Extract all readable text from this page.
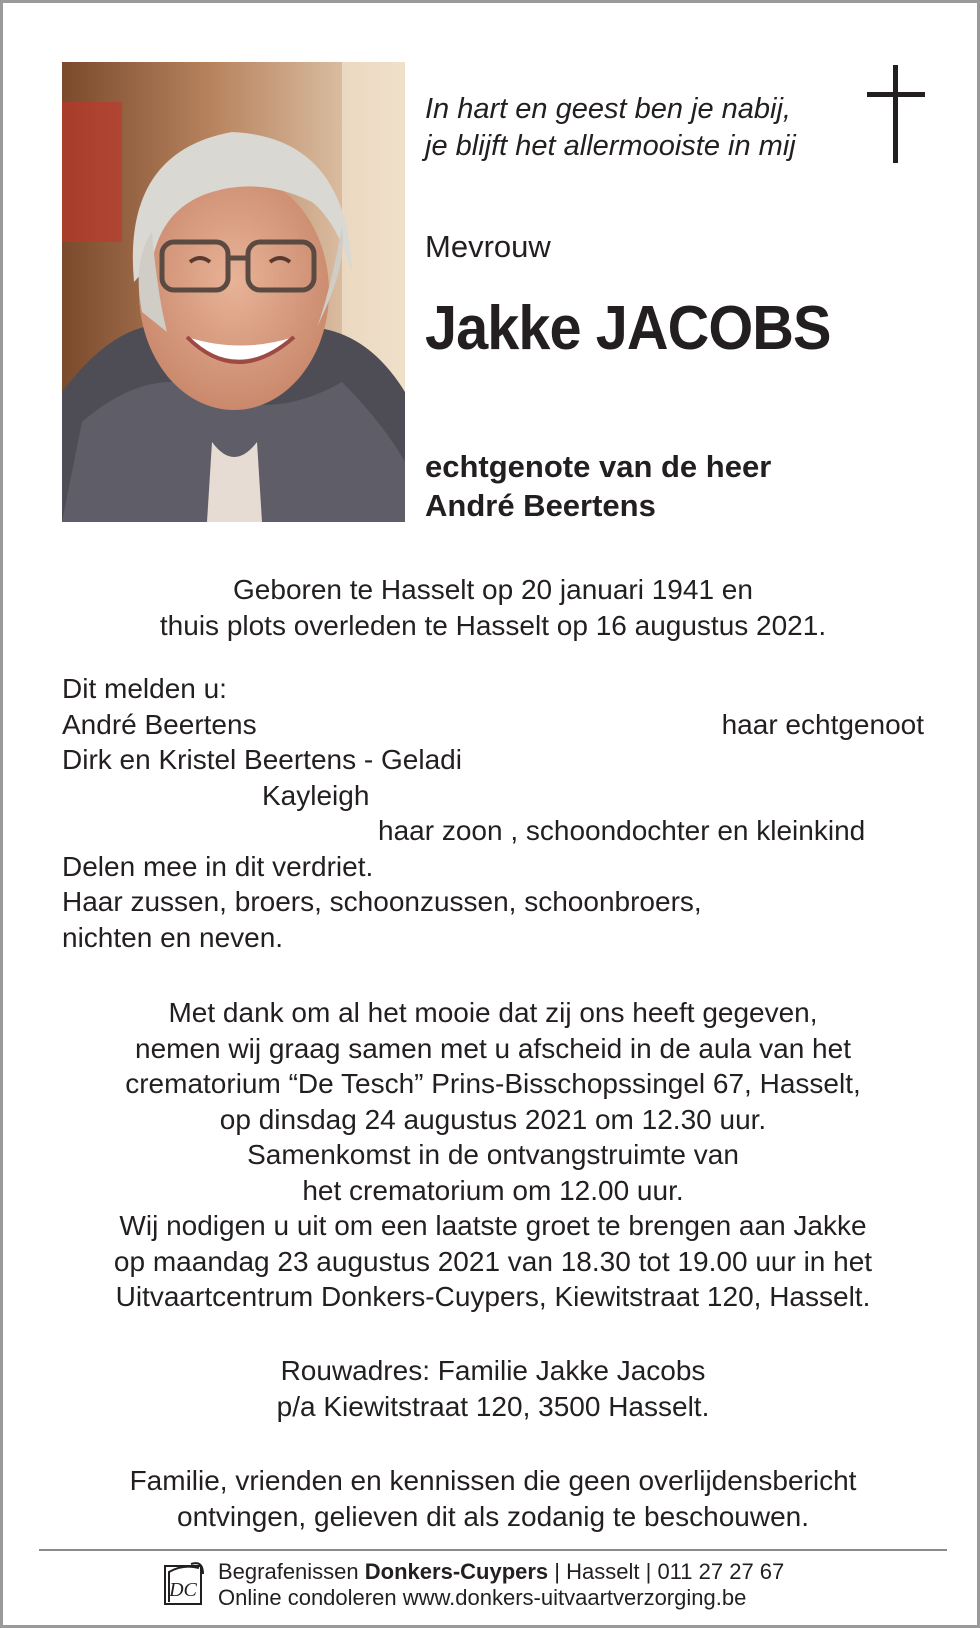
In hart en geest ben je nabij,
je blijft het allermooiste in mij
Mevrouw
Jakke JACOBS
echtgenote van de heer
André Beertens
Geboren te Hasselt op 20 januari 1941 en
thuis plots overleden te Hasselt op 16 augustus 2021.
Dit melden u:
André Beertens	haar echtgenoot
Dirk en Kristel Beertens - Geladi
Kayleigh
haar zoon , schoondochter en kleinkind
Delen mee in dit verdriet.
Haar zussen, broers, schoonzussen, schoonbroers,
nichten en neven.
Met dank om al het mooie dat zij ons heeft gegeven,
nemen wij graag samen met u afscheid in de aula van het
crematorium “De Tesch” Prins-Bisschopssingel 67, Hasselt,
op dinsdag 24 augustus 2021 om 12.30 uur.
Samenkomst in de ontvangstruimte van
het crematorium om 12.00 uur.
Wij nodigen u uit om een laatste groet te brengen aan Jakke
op maandag 23 augustus 2021 van 18.30 tot 19.00 uur in het
Uitvaartcentrum Donkers-Cuypers, Kiewitstraat 120, Hasselt.
Rouwadres: Familie Jakke Jacobs
p/a Kiewitstraat 120, 3500 Hasselt.
Familie, vrienden en kennissen die geen overlijdensbericht
ontvingen, gelieven dit als zodanig te beschouwen.
DC
Begrafenissen Donkers-Cuypers | Hasselt | 011 27 27 67
Online condoleren www.donkers-uitvaartverzorging.be
